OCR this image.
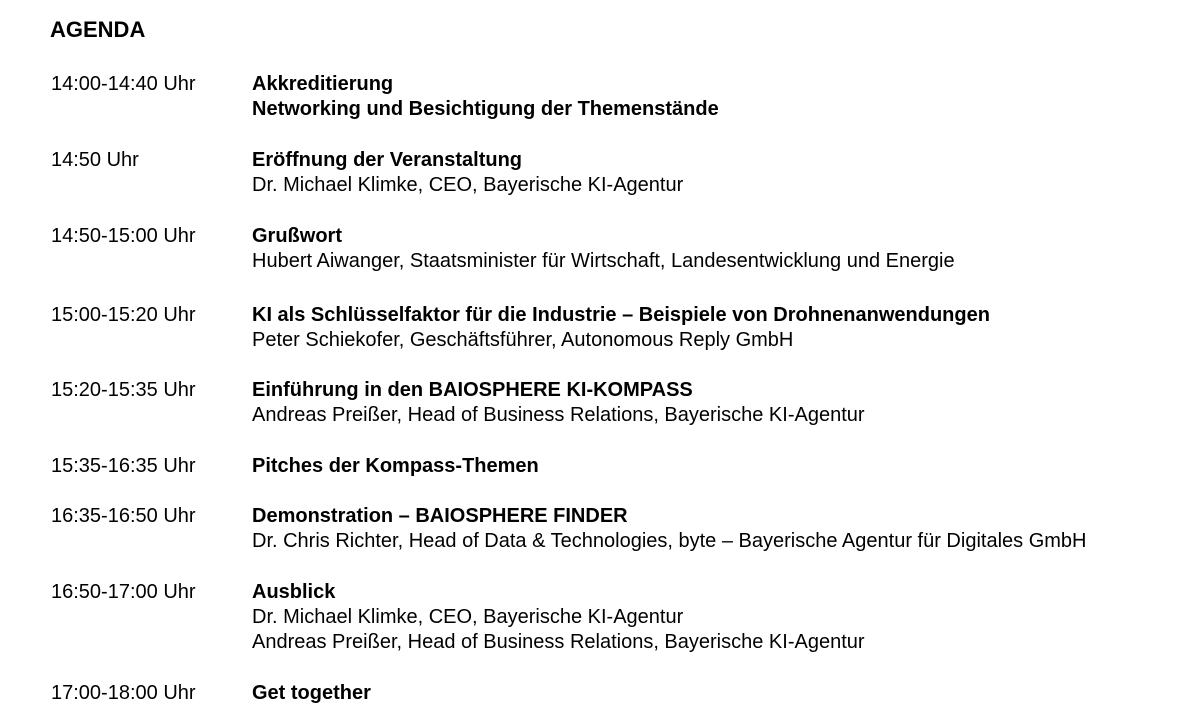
AGENDA
14:00-14:40 Uhr	Akkreditierung
Networking und Besichtigung der Themenstände
14:50 Uhr	Eröffnung der Veranstaltung
Dr. Michael Klimke, CEO, Bayerische KI-Agentur
14:50-15:00 Uhr	Grußwort
Hubert Aiwanger, Staatsminister für Wirtschaft, Landesentwicklung und Energie
15:00-15:20 Uhr	KI als Schlüsselfaktor für die Industrie – Beispiele von Drohnenanwendungen
Peter Schiekofer, Geschäftsführer, Autonomous Reply GmbH
15:20-15:35 Uhr	Einführung in den BAIOSPHERE KI-KOMPASS
Andreas Preißer, Head of Business Relations, Bayerische KI-Agentur
15:35-16:35 Uhr	Pitches der Kompass-Themen
16:35-16:50 Uhr	Demonstration – BAIOSPHERE FINDER
Dr. Chris Richter, Head of Data & Technologies, byte – Bayerische Agentur für Digitales GmbH
16:50-17:00 Uhr	Ausblick
Dr. Michael Klimke, CEO, Bayerische KI-Agentur
Andreas Preißer, Head of Business Relations, Bayerische KI-Agentur
17:00-18:00 Uhr	Get together
